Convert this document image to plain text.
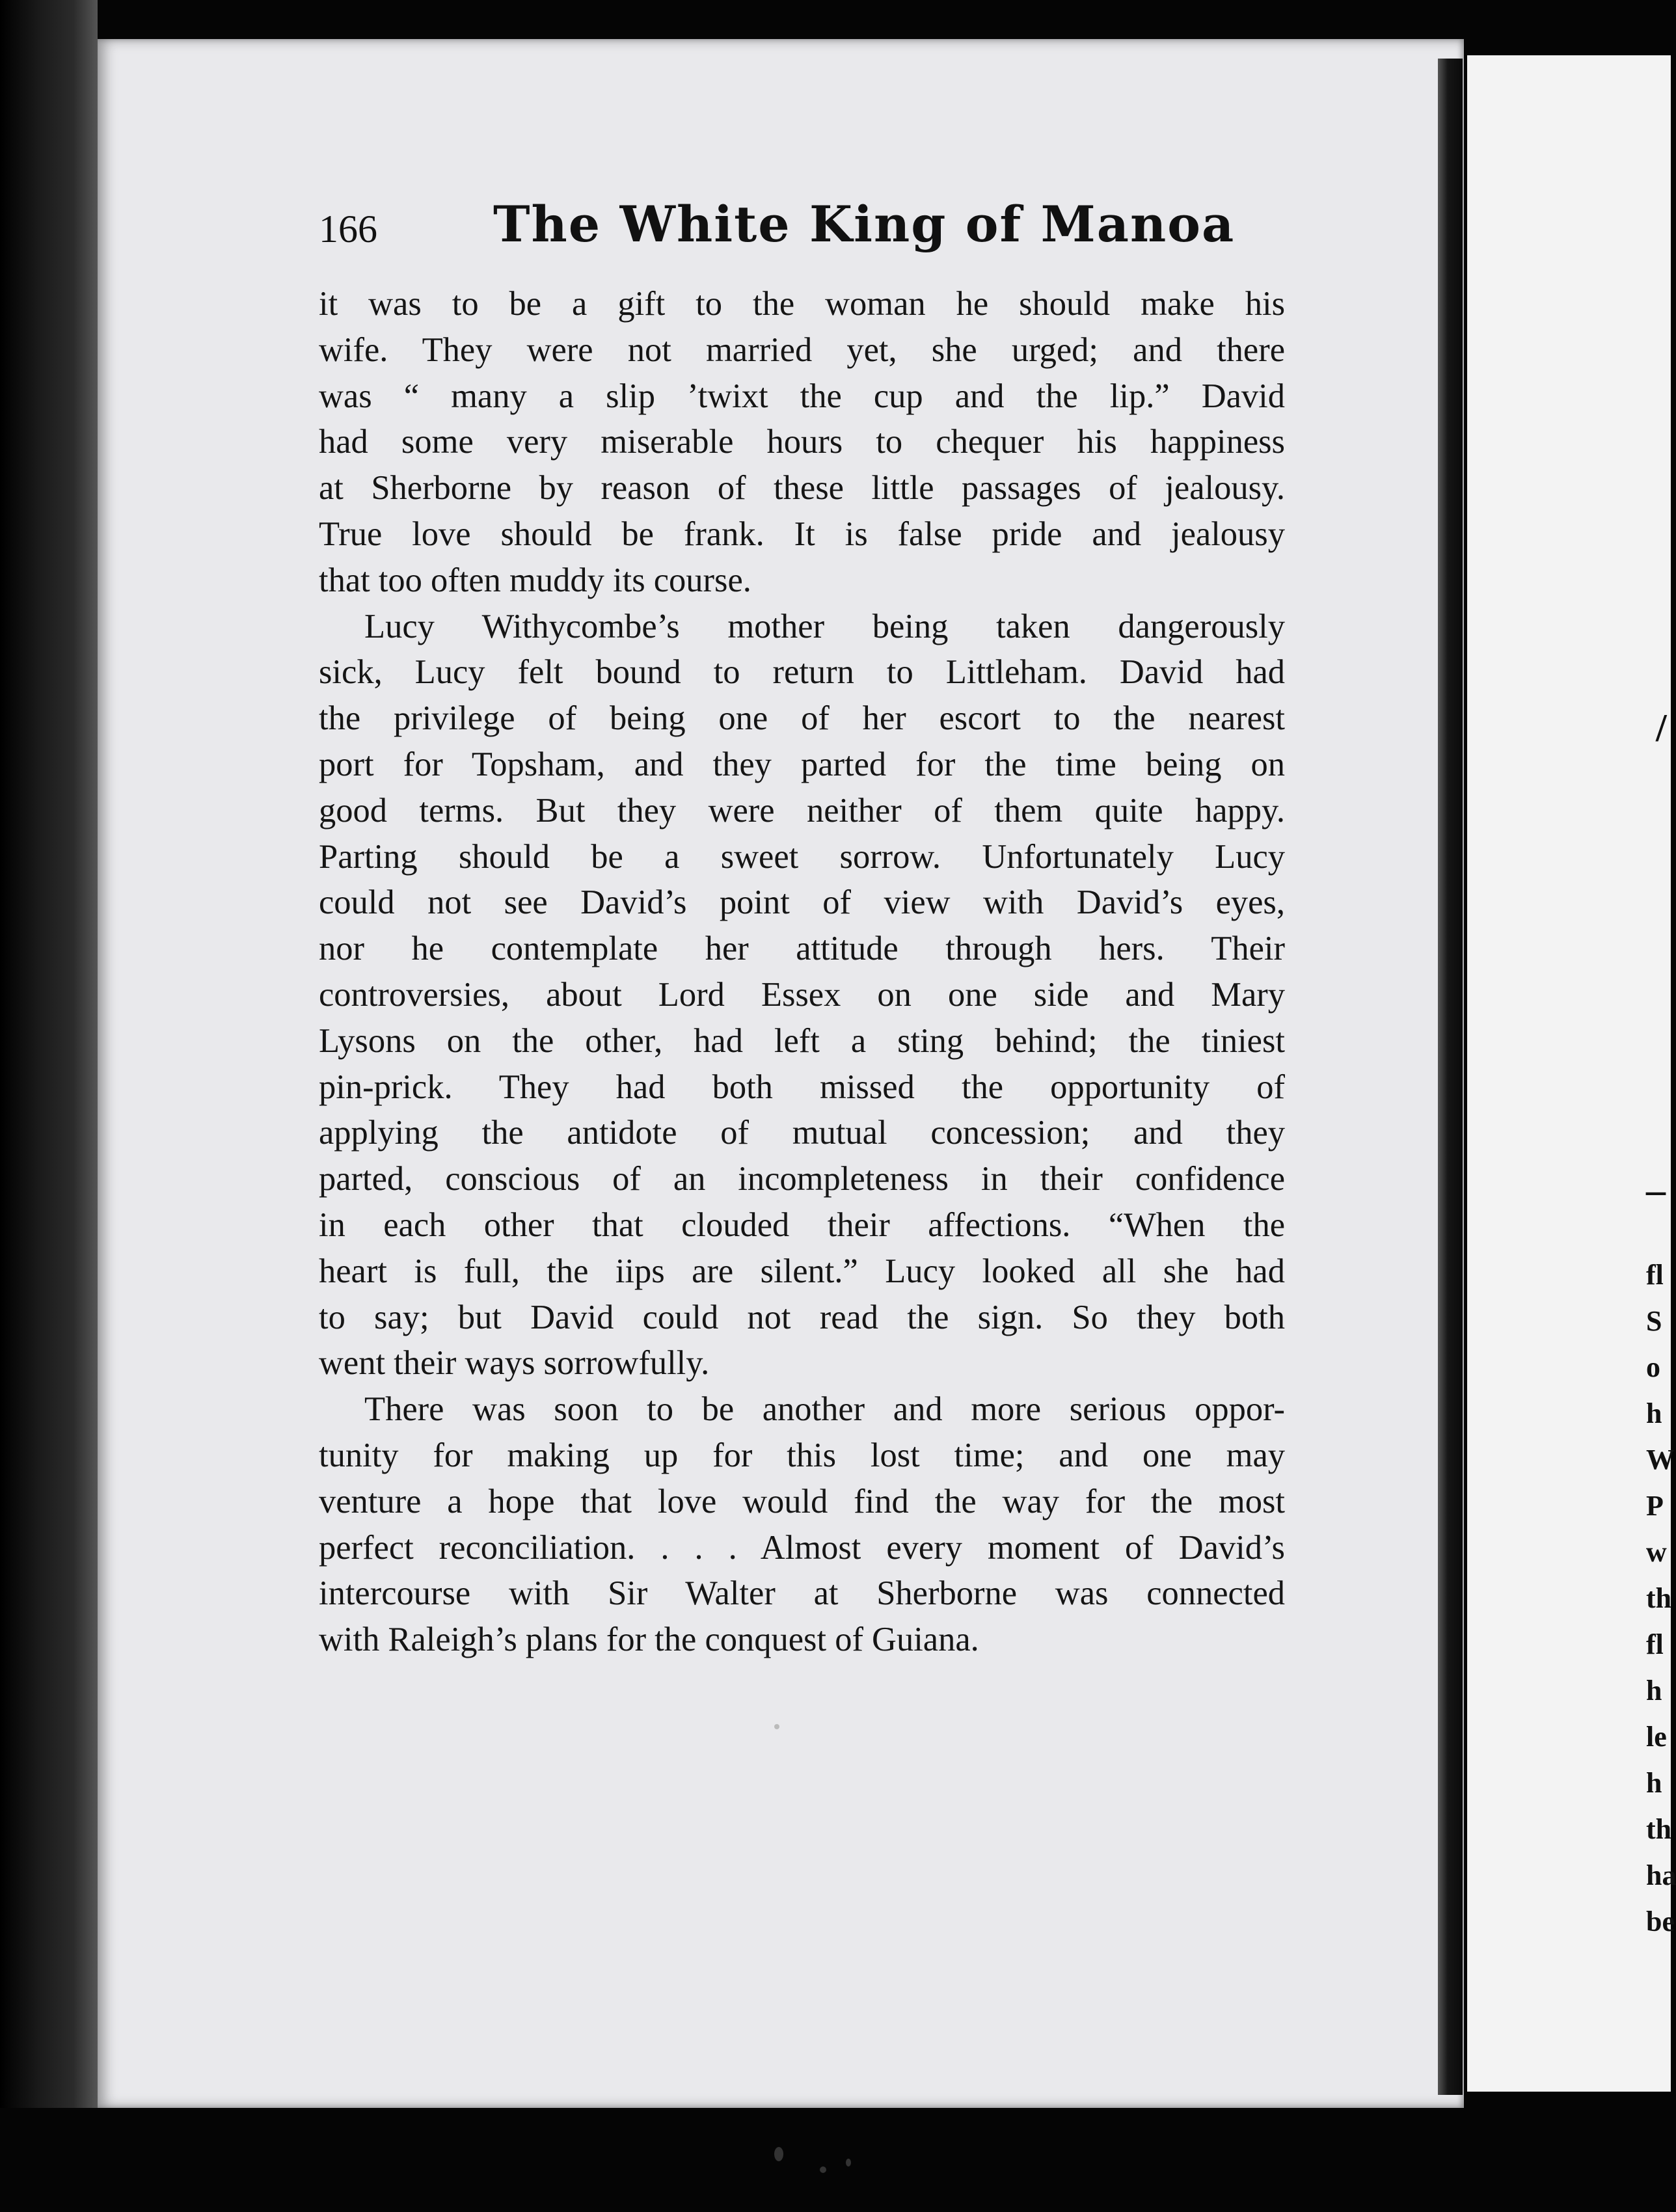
166 The White King of Manoa
it was to be a gift to the woman he should make his
wife. They were not married yet, she urged; and there
was “ many a slip ’twixt the cup and the lip.” David
had some very miserable hours to chequer his happiness
at Sherborne by reason of these little passages of jealousy.
True love should be frank. It is false pride and jealousy
that too often muddy its course.
Lucy Withycombe’s mother being taken dangerously
sick, Lucy felt bound to return to Littleham. David had
the privilege of being one of her escort to the nearest
port for Topsham, and they parted for the time being on
good terms. But they were neither of them quite happy.
Parting should be a sweet sorrow. Unfortunately Lucy
could not see David’s point of view with David’s eyes,
nor he contemplate her attitude through hers. Their
controversies, about Lord Essex on one side and Mary
Lysons on the other, had left a sting behind; the tiniest
pin-prick. They had both missed the opportunity of
applying the antidote of mutual concession; and they
parted, conscious of an incompleteness in their confidence
in each other that clouded their affections. “When the
heart is full, the iips are silent.” Lucy looked all she had
to say; but David could not read the sign. So they both
went their ways sorrowfully.
There was soon to be another and more serious oppor-
tunity for making up for this lost time; and one may
venture a hope that love would find the way for the most
perfect reconciliation. . . . Almost every moment of David’s
intercourse with Sir Walter at Sherborne was connected
with Raleigh’s plans for the conquest of Guiana.
‒
/
fl
S
o
h
W
P
w
th
fl
h
le
h
th
ha
be
